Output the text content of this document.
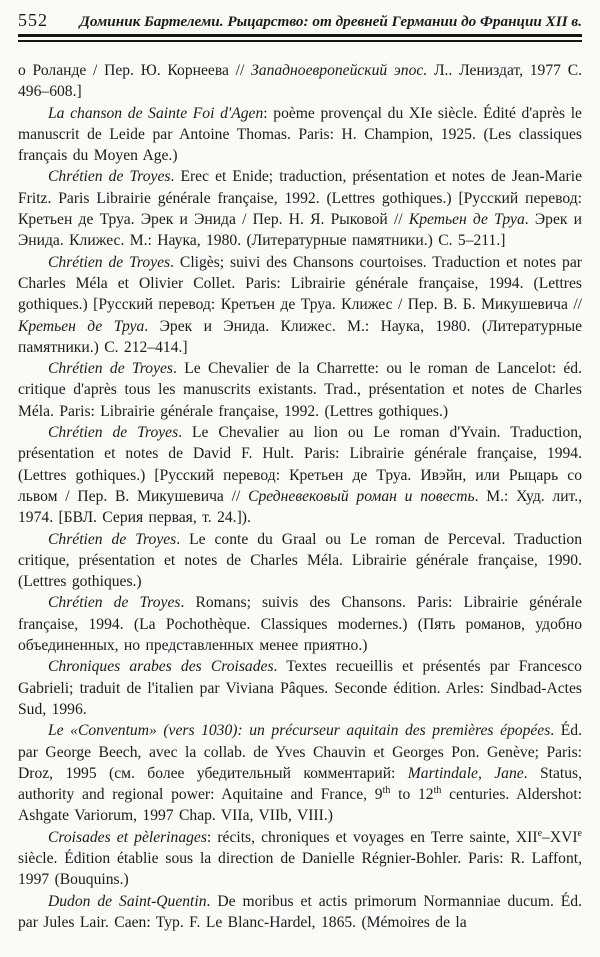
552	Доминик Бартелеми. Рыцарство: от древней Германии до Франции XII в.

о Роланде / Пер. Ю. Корнеева // Западноевропейский эпос. Л.. Лениздат, 1977 С. 496–608.]

La chanson de Sainte Foi d'Agen: poème provençal du XIe siècle. Édité d'après le manuscrit de Leide par Antoine Thomas. Paris: H. Champion, 1925. (Les classiques français du Moyen Age.)

Chrétien de Troyes. Erec et Enide; traduction, présentation et notes de Jean-Marie Fritz. Paris Librairie générale française, 1992. (Lettres gothiques.) [Русский перевод: Кретьен де Труа. Эрек и Энида / Пер. Н. Я. Рыковой // Кретьен де Труа. Эрек и Энида. Клижес. М.: Наука, 1980. (Литературные памятники.) С. 5–211.]

Chrétien de Troyes. Cligès; suivi des Chansons courtoises. Traduction et notes par Charles Méla et Olivier Collet. Paris: Librairie générale française, 1994. (Lettres gothiques.) [Русский перевод: Кретьен де Труа. Клижес / Пер. В. Б. Микушевича // Кретьен де Труа. Эрек и Энида. Клижес. М.: Наука, 1980. (Литературные памятники.) С. 212–414.]

Chrétien de Troyes. Le Chevalier de la Charrette: ou le roman de Lancelot: éd. critique d'après tous les manuscrits existants. Trad., présentation et notes de Charles Méla. Paris: Librairie générale française, 1992. (Lettres gothiques.)

Chrétien de Troyes. Le Chevalier au lion ou Le roman d'Yvain. Traduction, présentation et notes de David F. Hult. Paris: Librairie générale française, 1994. (Lettres gothiques.) [Русский перевод: Кретьен де Труа. Ивэйн, или Рыцарь со львом / Пер. В. Микушевича // Средневековый роман и повесть. М.: Худ. лит., 1974. [БВЛ. Серия первая, т. 24.]).

Chrétien de Troyes. Le conte du Graal ou Le roman de Perceval. Traduction critique, présentation et notes de Charles Méla. Librairie générale française, 1990. (Lettres gothiques.)

Chrétien de Troyes. Romans; suivis des Chansons. Paris: Librairie générale française, 1994. (La Pochothèque. Classiques modernes.) (Пять романов, удобно объединенных, но представленных менее приятно.)

Chroniques arabes des Croisades. Textes recueillis et présentés par Francesco Gabrieli; traduit de l'italien par Viviana Pâques. Seconde édition. Arles: Sindbad-Actes Sud, 1996.

Le «Conventum» (vers 1030): un précurseur aquitain des premières épopées. Éd. par George Beech, avec la collab. de Yves Chauvin et Georges Pon. Genève; Paris: Droz, 1995 (см. более убедительный комментарий: Martindale, Jane. Status, authority and regional power: Aquitaine and France, 9th to 12th centuries. Aldershot: Ashgate Variorum, 1997 Chap. VIIa, VIIb, VIII.)

Croisades et pèlerinages: récits, chroniques et voyages en Terre sainte, XIIe–XVIe siècle. Édition établie sous la direction de Danielle Régnier-Bohler. Paris: R. Laffont, 1997 (Bouquins.)

Dudon de Saint-Quentin. De moribus et actis primorum Normanniae ducum. Éd. par Jules Lair. Caen: Typ. F. Le Blanc-Hardel, 1865. (Mémoires de la
